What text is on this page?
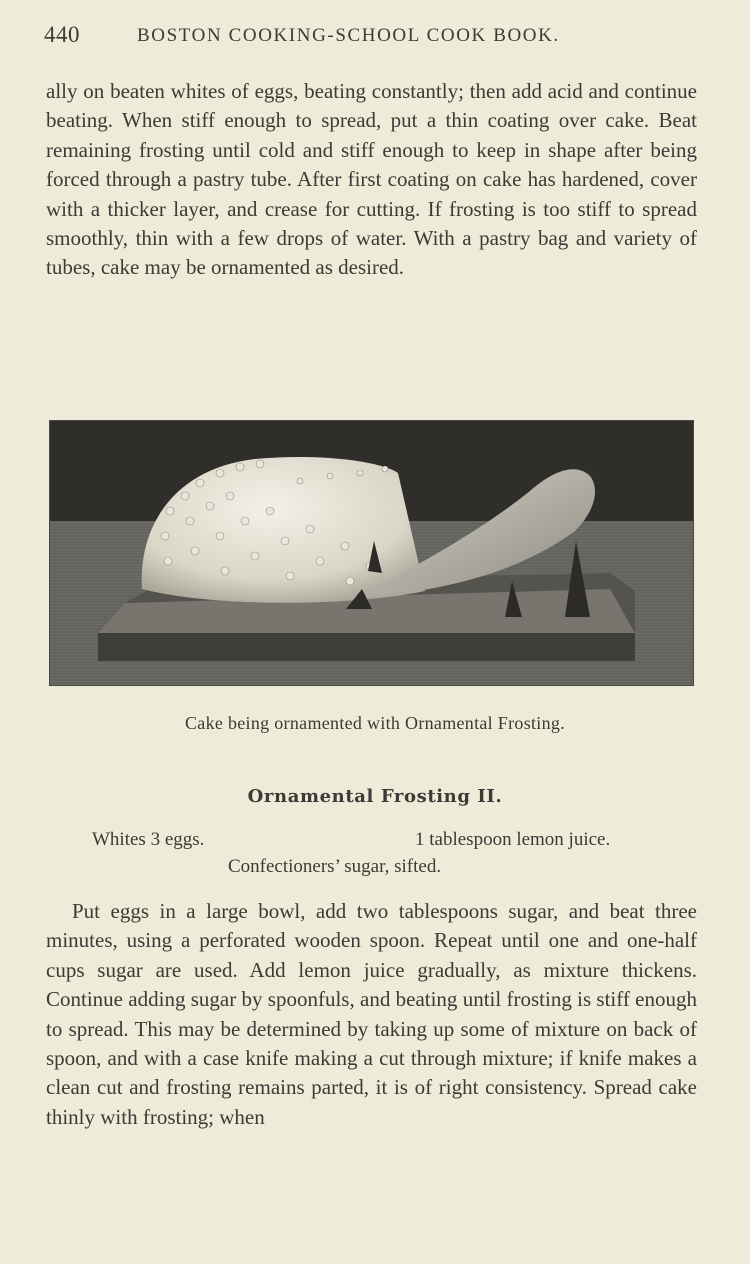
440	BOSTON COOKING-SCHOOL COOK BOOK.

ally on beaten whites of eggs, beating constantly; then add acid and continue beating. When stiff enough to spread, put a thin coating over cake. Beat remaining frosting until cold and stiff enough to keep in shape after being forced through a pastry tube. After first coating on cake has hardened, cover with a thicker layer, and crease for cutting. If frosting is too stiff to spread smoothly, thin with a few drops of water. With a pastry bag and variety of tubes, cake may be ornamented as desired.

Cake being ornamented with Ornamental Frosting.
Ornamental Frosting II.
Whites 3 eggs.	1 tablespoon lemon juice.
Confectioners’ sugar, sifted.

Put eggs in a large bowl, add two tablespoons sugar, and beat three minutes, using a perforated wooden spoon. Repeat until one and one-half cups sugar are used. Add lemon juice gradually, as mixture thickens. Continue adding sugar by spoonfuls, and beating until frosting is stiff enough to spread. This may be determined by taking up some of mixture on back of spoon, and with a case knife making a cut through mixture; if knife makes a clean cut and frosting remains parted, it is of right consistency. Spread cake thinly with frosting; when
